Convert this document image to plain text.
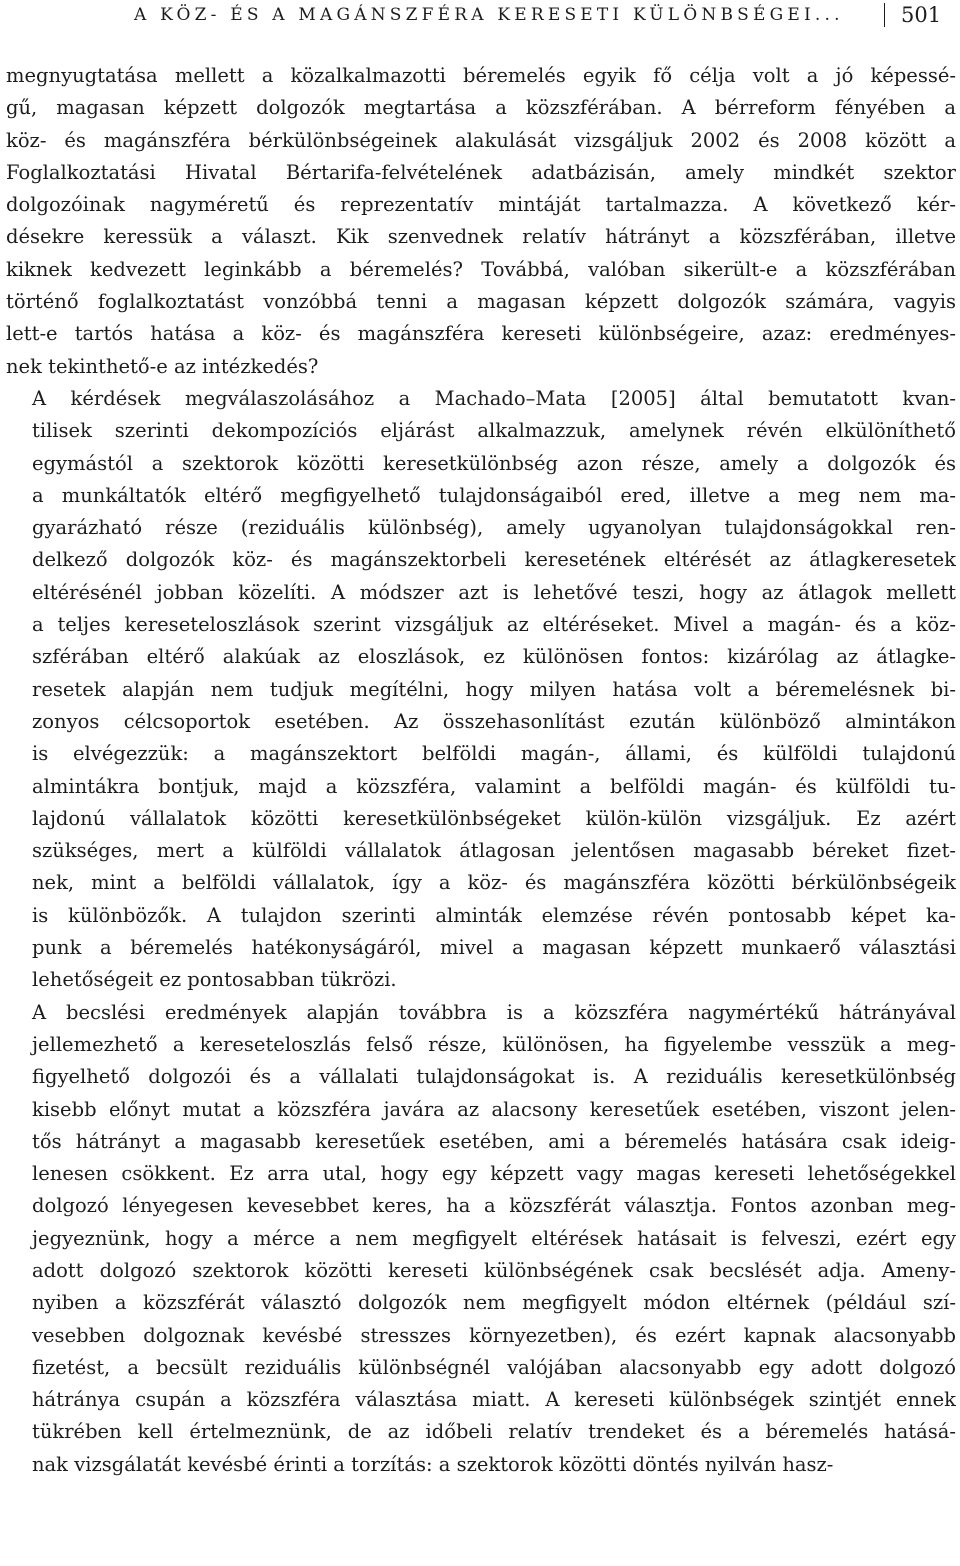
A KÖZ- ÉS A MAGÁNSZFÉRA KERESETI KÜLÖNBSÉGEI...	501

megnyugtatása mellett a közalkalmazotti béremelés egyik fő célja volt a jó képessé-
gű, magasan képzett dolgozók megtartása a közszférában. A bérreform fényében a
köz- és magánszféra bérkülönbségeinek alakulását vizsgáljuk 2002 és 2008 között a
Foglalkoztatási Hivatal Bértarifa-felvételének adatbázisán, amely mindkét szektor
dolgozóinak nagyméretű és reprezentatív mintáját tartalmazza. A következő kér-
désekre keressük a választ. Kik szenvednek relatív hátrányt a közszférában, illetve
kiknek kedvezett leginkább a béremelés? Továbbá, valóban sikerült-e a közszférában
történő foglalkoztatást vonzóbbá tenni a magasan képzett dolgozók számára, vagyis
lett-e tartós hatása a köz- és magánszféra kereseti különbségeire, azaz: eredményes-
nek tekinthető-e az intézkedés?

A kérdések megválaszolásához a Machado–Mata [2005] által bemutatott kvan-
tilisek szerinti dekompozíciós eljárást alkalmazzuk, amelynek révén elkülöníthető
egymástól a szektorok közötti keresetkülönbség azon része, amely a dolgozók és
a munkáltatók eltérő megfigyelhető tulajdonságaiból ered, illetve a meg nem ma-
gyarázható része (reziduális különbség), amely ugyanolyan tulajdonságokkal ren-
delkező dolgozók köz- és magánszektorbeli keresetének eltérését az átlagkeresetek
eltérésénél jobban közelíti. A módszer azt is lehetővé teszi, hogy az átlagok mellett
a teljes kereseteloszlások szerint vizsgáljuk az eltéréseket. Mivel a magán- és a köz-
szférában eltérő alakúak az eloszlások, ez különösen fontos: kizárólag az átlagke-
resetek alapján nem tudjuk megítélni, hogy milyen hatása volt a béremelésnek bi-
zonyos célcsoportok esetében. Az összehasonlítást ezután különböző almintákon
is elvégezzük: a magánszektort belföldi magán-, állami, és külföldi tulajdonú
almintákra bontjuk, majd a közszféra, valamint a belföldi magán- és külföldi tu-
lajdonú vállalatok közötti keresetkülönbségeket külön-külön vizsgáljuk. Ez azért
szükséges, mert a külföldi vállalatok átlagosan jelentősen magasabb béreket fizet-
nek, mint a belföldi vállalatok, így a köz- és magánszféra közötti bérkülönbségeik
is különbözők. A tulajdon szerinti alminták elemzése révén pontosabb képet ka-
punk a béremelés hatékonyságáról, mivel a magasan képzett munkaerő választási
lehetőségeit ez pontosabban tükrözi.

A becslési eredmények alapján továbbra is a közszféra nagymértékű hátrányával
jellemezhető a kereseteloszlás felső része, különösen, ha figyelembe vesszük a meg-
figyelhető dolgozói és a vállalati tulajdonságokat is. A reziduális keresetkülönbség
kisebb előnyt mutat a közszféra javára az alacsony keresetűek esetében, viszont jelen-
tős hátrányt a magasabb keresetűek esetében, ami a béremelés hatására csak ideig-
lenesen csökkent. Ez arra utal, hogy egy képzett vagy magas kereseti lehetőségekkel
dolgozó lényegesen kevesebbet keres, ha a közszférát választja. Fontos azonban meg-
jegyeznünk, hogy a mérce a nem megfigyelt eltérések hatásait is felveszi, ezért egy
adott dolgozó szektorok közötti kereseti különbségének csak becslését adja. Ameny-
nyiben a közszférát választó dolgozók nem megfigyelt módon eltérnek (például szí-
vesebben dolgoznak kevésbé stresszes környezetben), és ezért kapnak alacsonyabb
fizetést, a becsült reziduális különbségnél valójában alacsonyabb egy adott dolgozó
hátránya csupán a közszféra választása miatt. A kereseti különbségek szintjét ennek
tükrében kell értelmeznünk, de az időbeli relatív trendeket és a béremelés hatásá-
nak vizsgálatát kevésbé érinti a torzítás: a szektorok közötti döntés nyilván hasz-
